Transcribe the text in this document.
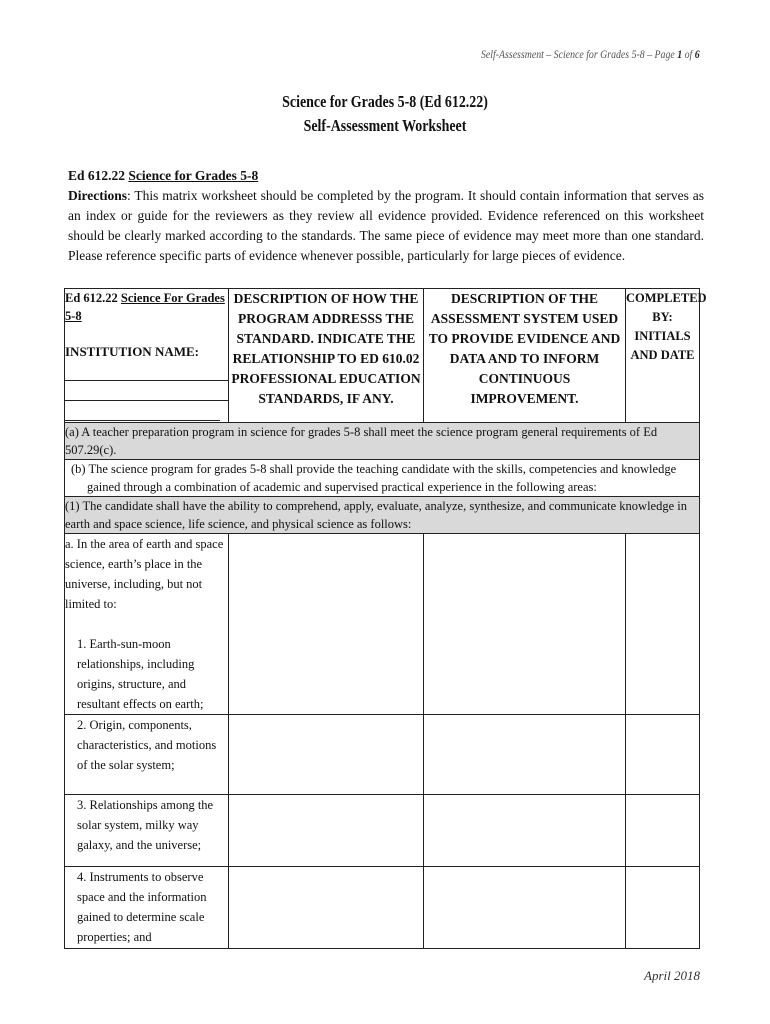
Self-Assessment – Science for Grades 5-8 – Page 1 of 6
Science for Grades 5-8 (Ed 612.22)
Self-Assessment Worksheet
Ed 612.22 Science for Grades 5-8

Directions: This matrix worksheet should be completed by the program. It should contain information that serves as an index or guide for the reviewers as they review all evidence provided. Evidence referenced on this worksheet should be clearly marked according to the standards. The same piece of evidence may meet more than one standard. Please reference specific parts of evidence whenever possible, particularly for large pieces of evidence.

Ed 612.22 Science For Grades 5-8
INSTITUTION NAME:	DESCRIPTION OF HOW THE PROGRAM ADDRESSS THE STANDARD. INDICATE THE RELATIONSHIP TO ED 610.02 PROFESSIONAL EDUCATION STANDARDS, IF ANY.	DESCRIPTION OF THE ASSESSMENT SYSTEM USED TO PROVIDE EVIDENCE AND DATA AND TO INFORM CONTINUOUS IMPROVEMENT.	COMPLETED BY: INITIALS AND DATE
(a) A teacher preparation program in science for grades 5-8 shall meet the science program general requirements of Ed 507.29(c).			

(b) The science program for grades 5-8 shall provide the teaching candidate with the skills, competencies and knowledge gained through a combination of academic and supervised practical experience in the following areas:			

(1) The candidate shall have the ability to comprehend, apply, evaluate, analyze, synthesize, and communicate knowledge in earth and space science, life science, and physical science as follows:			

a. In the area of earth and space science, earth’s place in the universe, including, but not limited to:
1. Earth-sun-moon relationships, including origins, structure, and resultant effects on earth;			

2. Origin, components, characteristics, and motions of the solar system;			

3. Relationships among the solar system, milky way galaxy, and the universe;			

4. Instruments to observe space and the information gained to determine scale properties; and			

April 2018
